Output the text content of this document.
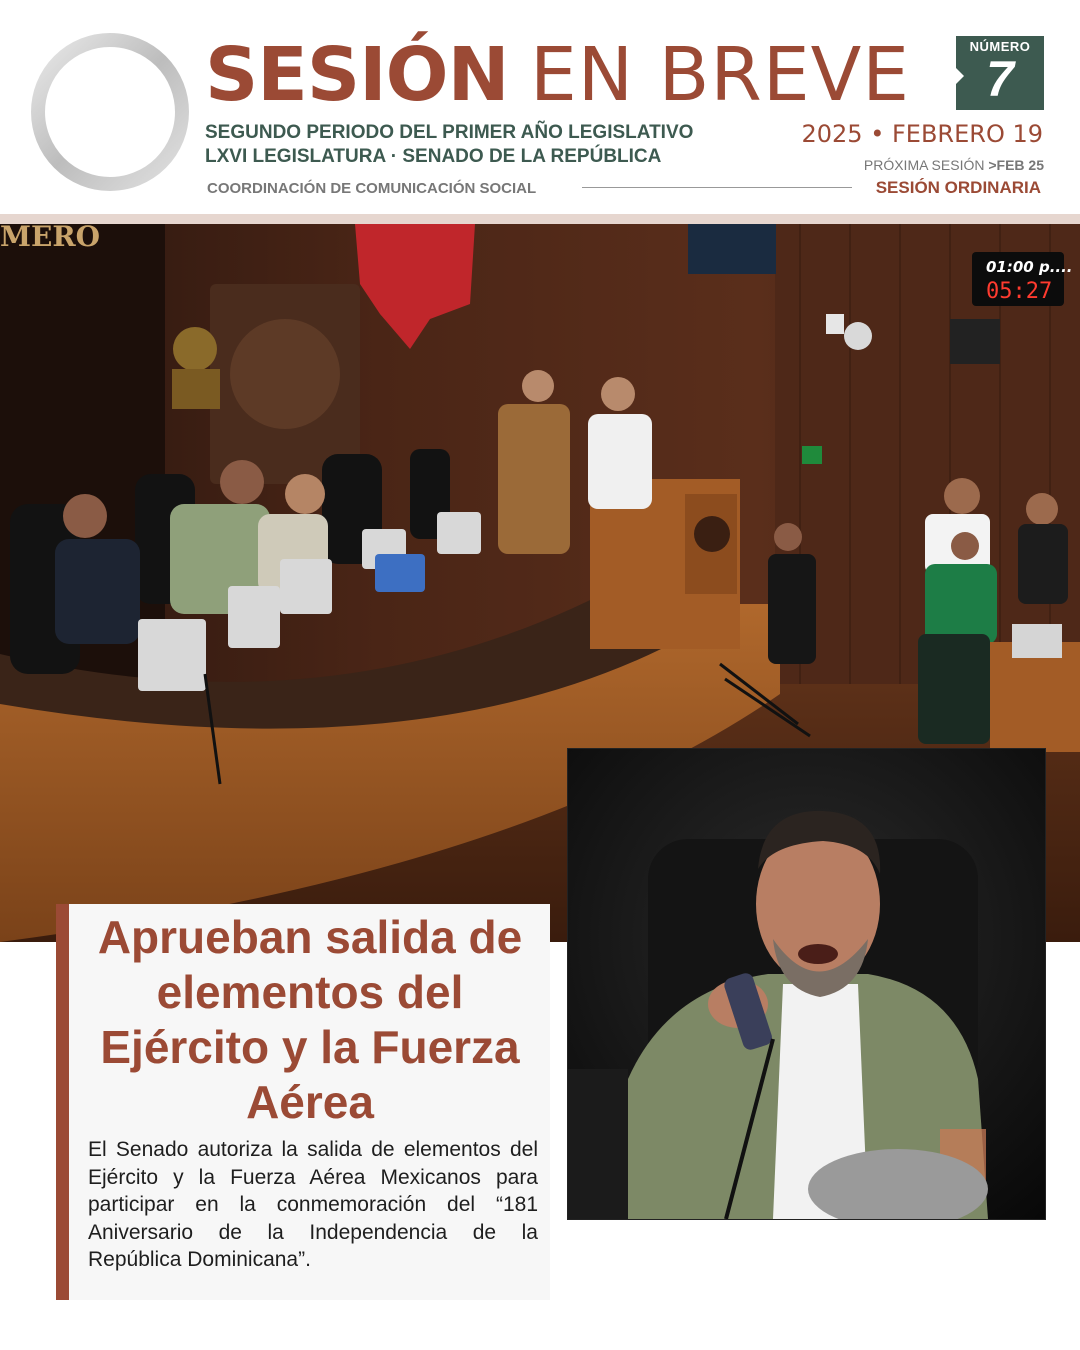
SESIÓN EN BREVE	NÚMERO
7
SEGUNDO PERIODO DEL PRIMER AÑO LEGISLATIVO
LXVI LEGISLATURA · SENADO DE LA REPÚBLICA
2025 • FEBRERO 19
PRÓXIMA SESIÓN >FEB 25
COORDINACIÓN DE COMUNICACIÓN SOCIAL	SESIÓN ORDINARIA
MERO
01:00 p....
05:27
Aprueban salida de elementos del Ejército y la Fuerza Aérea
El Senado autoriza la salida de elementos del Ejército y la Fuerza Aérea Mexicanos para participar en la conmemoración del “181 Aniversario de la Independencia de la República Dominicana”.
